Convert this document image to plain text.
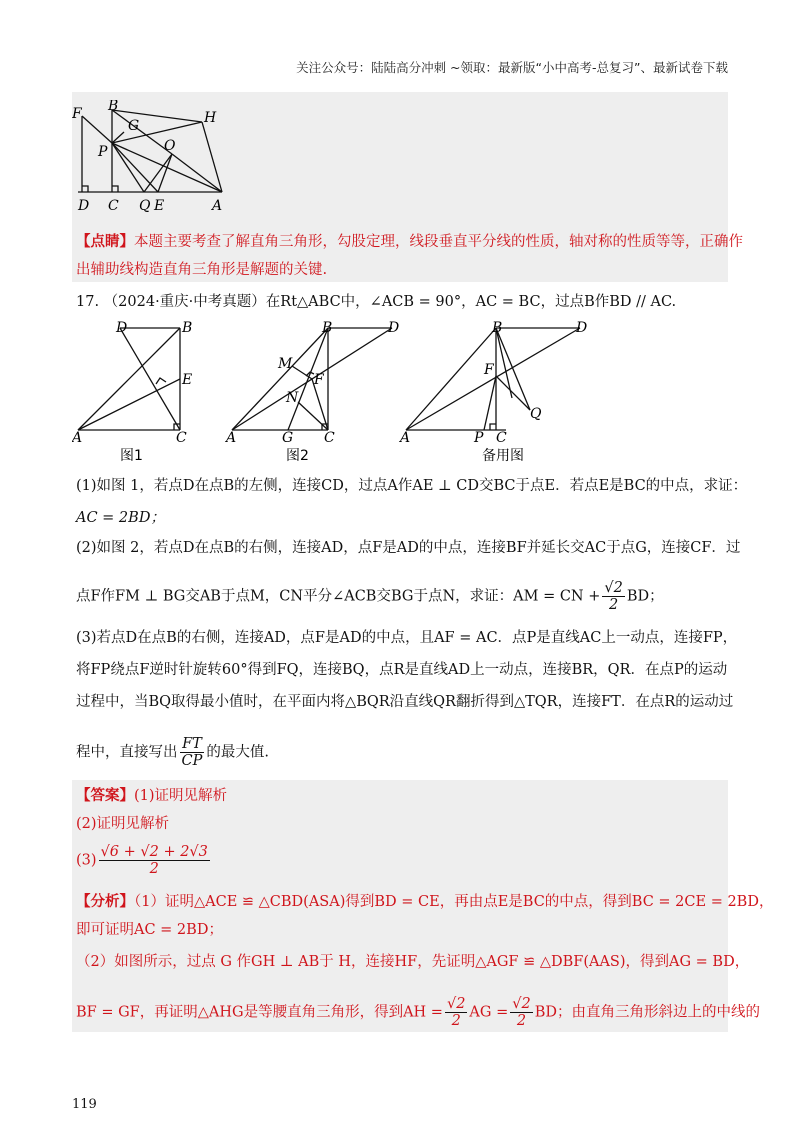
关注公众号：陆陆高分冲刺 ~领取：最新版“小中高考-总复习”、最新试卷下载
F B
G	H
P	O
D C Q E	A
【点睛】本题主要考查了解直角三角形，勾股定理，线段垂直平分线的性质，轴对称的性质等等，正确作
出辅助线构造直角三角形是解题的关键.
17. （2024·重庆·中考真题）在Rt△ABC中，∠ACB = 90°，AC = BC，过点B作BD // AC.
D	B
E
A	C
图1
B	D
M
F
N
A	G C
图2
B	D
F
Q
A	P C
备用图
(1)如图 1，若点D在点B的左侧，连接CD，过点A作AE ⊥ CD交BC于点E．若点E是BC的中点，求证：
AC = 2BD；
(2)如图 2，若点D在点B的右侧，连接AD，点F是AD的中点，连接BF并延长交AC于点G，连接CF．过
点F作FM ⊥ BG交AB于点M，CN平分∠ACB交BG于点N，求证：AM = CN + $\frac{√2}{2}$ BD；
(3)若点D在点B的右侧，连接AD，点F是AD的中点，且AF = AC．点P是直线AC上一动点，连接FP，
将FP绕点F逆时针旋转60°得到FQ，连接BQ，点R是直线AD上一动点，连接BR，QR．在点P的运动
过程中，当BQ取得最小值时，在平面内将△BQR沿直线QR翻折得到△TQR，连接FT．在点R的运动过
程中，直接写出 $\frac{FT}{CP}$ 的最大值.
【答案】(1)证明见解析
(2)证明见解析
$(3) \frac{√6 + √2 + 2√3}{2}$
【分析】（1）证明△ACE ≌ △CBD(ASA)得到BD = CE，再由点E是BC的中点，得到BC = 2CE = 2BD，
即可证明AC = 2BD；
（2）如图所示，过点 G 作GH ⊥ AB于 H，连接HF，先证明△AGF ≌ △DBF(AAS)，得到AG = BD，
BF = GF，再证明△AHG是等腰直角三角形，得到AH = $\frac{√2}{2}$ AG = $\frac{√2}{2}$ BD；由直角三角形斜边上的中线的
119
